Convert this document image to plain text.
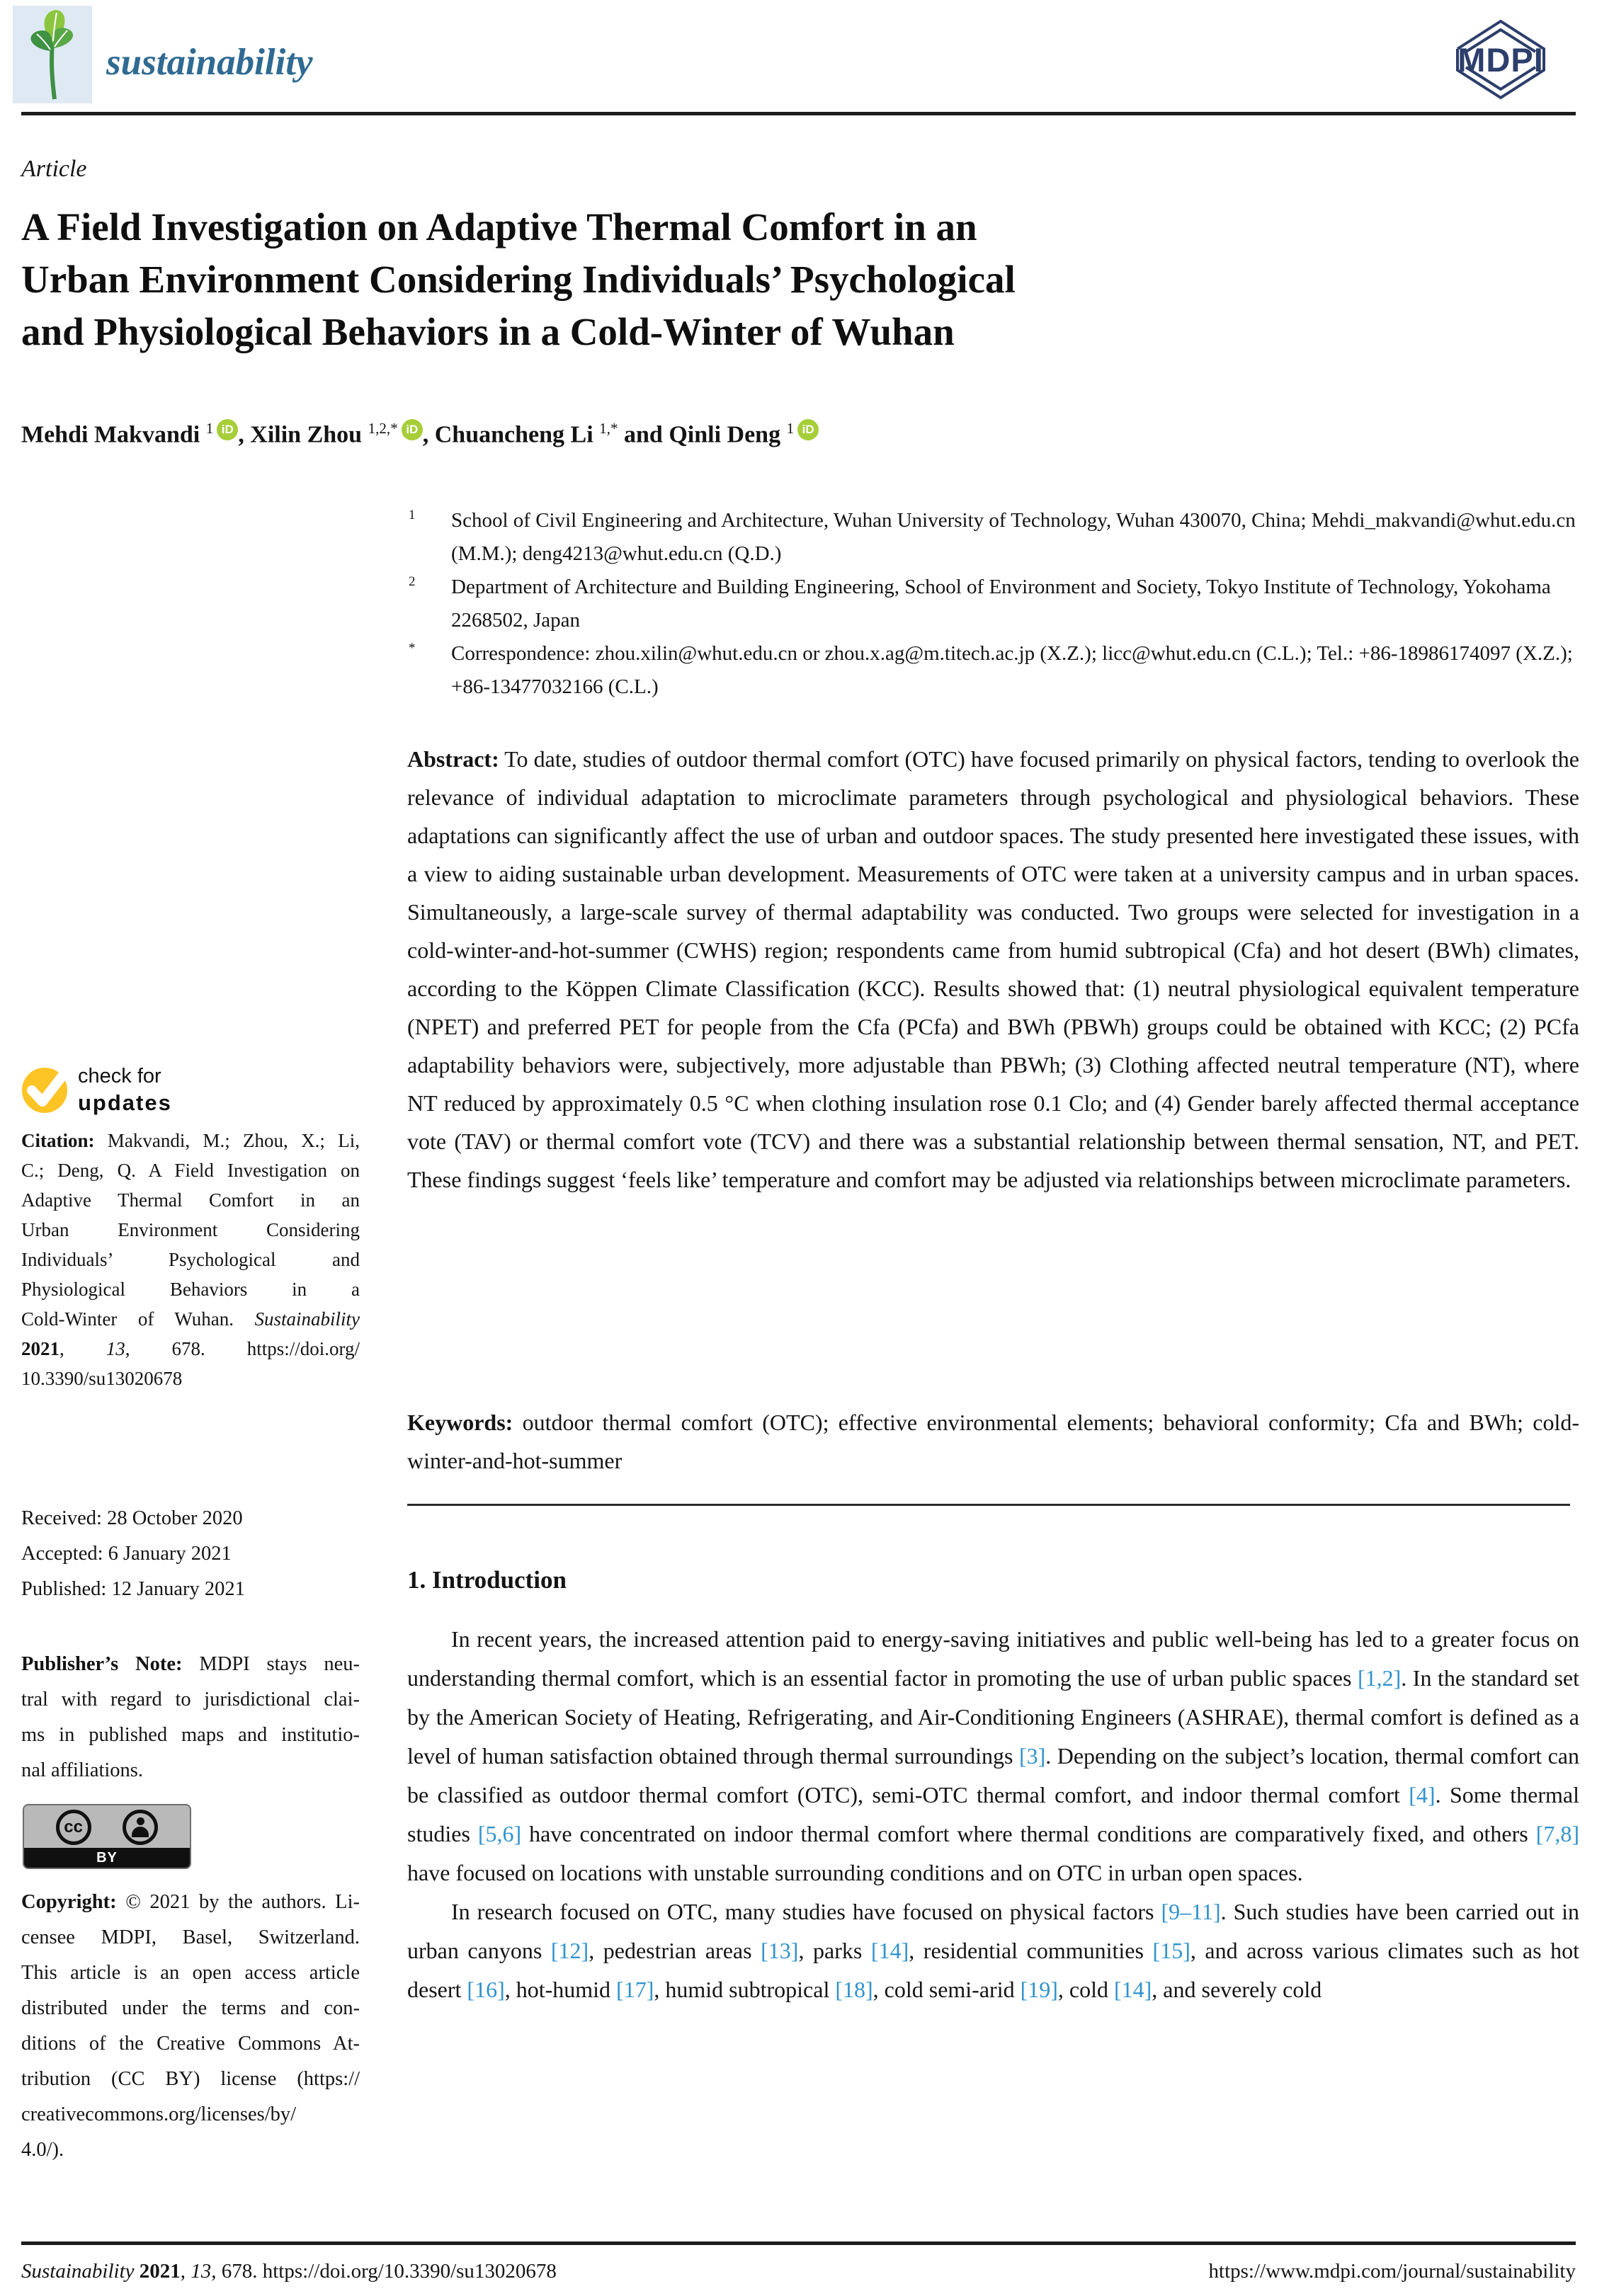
sustainability	MDPI
Article
A Field Investigation on Adaptive Thermal Comfort in an
Urban Environment Considering Individuals’ Psychological
and Physiological Behaviors in a Cold-Winter of Wuhan
Mehdi Makvandi $^1$ iD , Xilin Zhou $^{1,2,*}$ iD , Chuancheng Li $^{1,*}$ and Qinli Deng $^1$ iD
1 School of Civil Engineering and Architecture, Wuhan University of Technology, Wuhan 430070, China; Mehdi_makvandi@whut.edu.cn (M.M.); deng4213@whut.edu.cn (Q.D.)
2 Department of Architecture and Building Engineering, School of Environment and Society, Tokyo Institute of Technology, Yokohama 2268502, Japan
* Correspondence: zhou.xilin@whut.edu.cn or zhou.x.ag@m.titech.ac.jp (X.Z.); licc@whut.edu.cn (C.L.); Tel.: +86-18986174097 (X.Z.); +86-13477032166 (C.L.)
Abstract: To date, studies of outdoor thermal comfort (OTC) have focused primarily on physical factors, tending to overlook the relevance of individual adaptation to microclimate parameters through psychological and physiological behaviors. These adaptations can significantly affect the use of urban and outdoor spaces. The study presented here investigated these issues, with a view to aiding sustainable urban development. Measurements of OTC were taken at a university campus and in urban spaces. Simultaneously, a large-scale survey of thermal adaptability was conducted. Two groups were selected for investigation in a cold-winter-and-hot-summer (CWHS) region; respondents came from humid subtropical (Cfa) and hot desert (BWh) climates, according to the Köppen Climate Classification (KCC). Results showed that: (1) neutral physiological equivalent temperature (NPET) and preferred PET for people from the Cfa (PCfa) and BWh (PBWh) groups could be obtained with KCC; (2) PCfa adaptability behaviors were, subjectively, more adjustable than PBWh; (3) Clothing affected neutral temperature (NT), where NT reduced by approximately 0.5 °C when clothing insulation rose 0.1 Clo; and (4) Gender barely affected thermal acceptance vote (TAV) or thermal comfort vote (TCV) and there was a substantial relationship between thermal sensation, NT, and PET. These findings suggest ‘feels like’ temperature and comfort may be adjusted via relationships between microclimate parameters.
Keywords: outdoor thermal comfort (OTC); effective environmental elements; behavioral conformity; Cfa and BWh; cold-winter-and-hot-summer
1. Introduction

In recent years, the increased attention paid to energy-saving initiatives and public well-being has led to a greater focus on understanding thermal comfort, which is an essential factor in promoting the use of urban public spaces [1,2]. In the standard set by the American Society of Heating, Refrigerating, and Air-Conditioning Engineers (ASHRAE), thermal comfort is defined as a level of human satisfaction obtained through thermal surroundings [3]. Depending on the subject’s location, thermal comfort can be classified as outdoor thermal comfort (OTC), semi-OTC thermal comfort, and indoor thermal comfort [4]. Some thermal studies [5,6] have concentrated on indoor thermal comfort where thermal conditions are comparatively fixed, and others [7,8] have focused on locations with unstable surrounding conditions and on OTC in urban open spaces.

In research focused on OTC, many studies have focused on physical factors [9–11]. Such studies have been carried out in urban canyons [12], pedestrian areas [13], parks [14], residential communities [15], and across various climates such as hot desert [16], hot-humid [17], humid subtropical [18], cold semi-arid [19], cold [14], and severely cold

check for
updates
Citation: Makvandi, M.; Zhou, X.; Li,
C.; Deng, Q. A Field Investigation on
Adaptive Thermal Comfort in an
Urban Environment Considering
Individuals’ Psychological and
Physiological Behaviors in a
Cold-Winter of Wuhan. Sustainability
2021, 13, 678. https://doi.org/
10.3390/su13020678
Received: 28 October 2020
Accepted: 6 January 2021
Published: 12 January 2021
Publisher’s Note: MDPI stays neu-
tral with regard to jurisdictional clai-
ms in published maps and institutio-
nal affiliations.
cc
BY
Copyright: © 2021 by the authors. Li-
censee MDPI, Basel, Switzerland.
This article is an open access article
distributed under the terms and con-
ditions of the Creative Commons At-
tribution (CC BY) license (https://
creativecommons.org/licenses/by/
4.0/).
Sustainability 2021, 13, 678. https://doi.org/10.3390/su13020678	https://www.mdpi.com/journal/sustainability
